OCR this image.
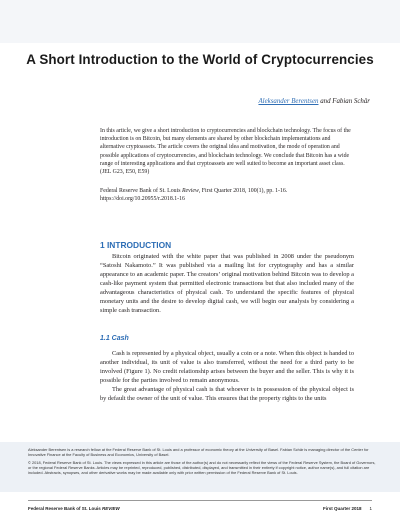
A Short Introduction to the World of Cryptocurrencies
Aleksander Berentsen and Fabian Schär

In this article, we give a short introduction to cryptocurrencies and blockchain technology. The focus of the introduction is on Bitcoin, but many elements are shared by other blockchain implementations and alternative cryptoassets. The article covers the original idea and motivation, the mode of operation and possible applications of cryptocurrencies, and blockchain technology. We conclude that Bitcoin has a wide range of interesting applications and that cryptoassets are well suited to become an important asset class. (JEL G23, E50, E59)

Federal Reserve Bank of St. Louis Review, First Quarter 2018, 100(1), pp. 1-16.
https://doi.org/10.20955/r.2018.1-16

1 INTRODUCTION

Bitcoin originated with the white paper that was published in 2008 under the pseudonym “Satoshi Nakamoto.” It was published via a mailing list for cryptography and has a similar appearance to an academic paper. The creators’ original motivation behind Bitcoin was to develop a cash-like payment system that permitted electronic transactions but that also included many of the advantageous characteristics of physical cash. To understand the specific features of physical monetary units and the desire to develop digital cash, we will begin our analysis by considering a simple cash transaction.

1.1 Cash

Cash is represented by a physical object, usually a coin or a note. When this object is handed to another individual, its unit of value is also transferred, without the need for a third party to be involved (Figure 1). No credit relationship arises between the buyer and the seller. This is why it is possible for the parties involved to remain anonymous.

The great advantage of physical cash is that whoever is in possession of the physical object is by default the owner of the unit of value. This ensures that the property rights to the units

Aleksander Berentsen is a research fellow at the Federal Reserve Bank of St. Louis and a professor of economic theory at the University of Basel. Fabian Schär is managing director of the Center for Innovative Finance at the Faculty of Business and Economics, University of Basel.

© 2018, Federal Reserve Bank of St. Louis. The views expressed in this article are those of the author(s) and do not necessarily reflect the views of the Federal Reserve System, the Board of Governors, or the regional Federal Reserve Banks. Articles may be reprinted, reproduced, published, distributed, displayed, and transmitted in their entirety if copyright notice, author name(s), and full citation are included. Abstracts, synopses, and other derivative works may be made available only with prior written permission of the Federal Reserve Bank of St. Louis.

Federal Reserve Bank of St. Louis REVIEW	First Quarter 2018 1
